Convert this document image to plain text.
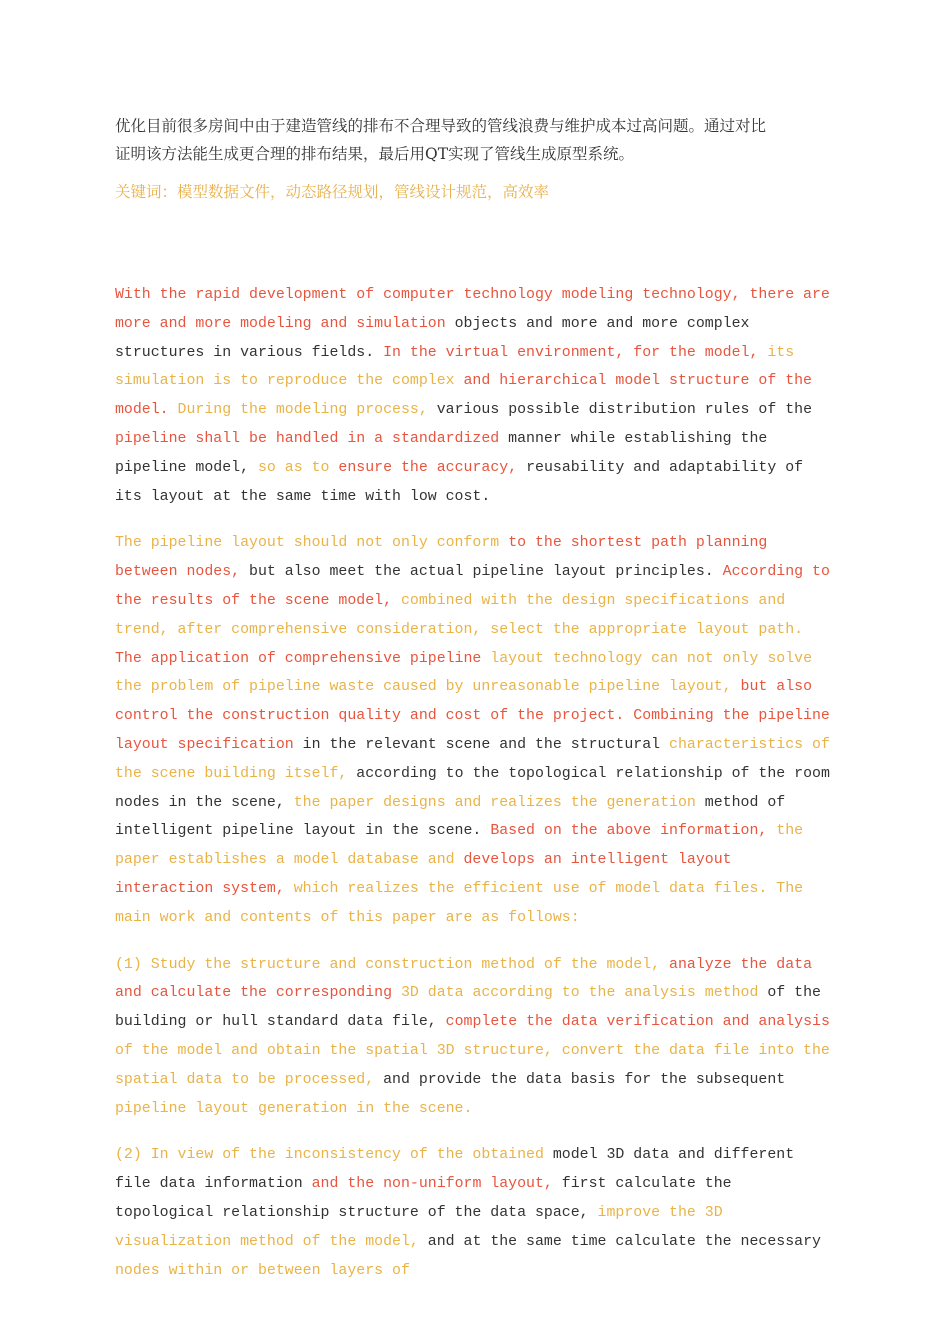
优化目前很多房间中由于建造管线的排布不合理导致的管线浪费与维护成本过高问题。通过对比

证明该方法能生成更合理的排布结果，最后用QT实现了管线生成原型系统。

关键词：模型数据文件，动态路径规划，管线设计规范，高效率

With the rapid development of computer technology modeling technology, there are more and more modeling and simulation objects and more and more complex structures in various fields. In the virtual environment, for the model, its simulation is to reproduce the complex and hierarchical model structure of the model. During the modeling process, various possible distribution rules of the pipeline shall be handled in a standardized manner while establishing the pipeline model, so as to ensure the accuracy, reusability and adaptability of its layout at the same time with low cost.

The pipeline layout should not only conform to the shortest path planning between nodes, but also meet the actual pipeline layout principles. According to the results of the scene model, combined with the design specifications and trend, after comprehensive consideration, select the appropriate layout path. The application of comprehensive pipeline layout technology can not only solve the problem of pipeline waste caused by unreasonable pipeline layout, but also control the construction quality and cost of the project. Combining the pipeline layout specification in the relevant scene and the structural characteristics of the scene building itself, according to the topological relationship of the room nodes in the scene, the paper designs and realizes the generation method of intelligent pipeline layout in the scene. Based on the above information, the paper establishes a model database and develops an intelligent layout interaction system, which realizes the efficient use of model data files. The main work and contents of this paper are as follows:

(1) Study the structure and construction method of the model, analyze the data and calculate the corresponding 3D data according to the analysis method of the building or hull standard data file, complete the data verification and analysis of the model and obtain the spatial 3D structure, convert the data file into the spatial data to be processed, and provide the data basis for the subsequent pipeline layout generation in the scene.

(2) In view of the inconsistency of the obtained model 3D data and different file data information and the non-uniform layout, first calculate the topological relationship structure of the data space, improve the 3D visualization method of the model, and at the same time calculate the necessary nodes within or between layers of
